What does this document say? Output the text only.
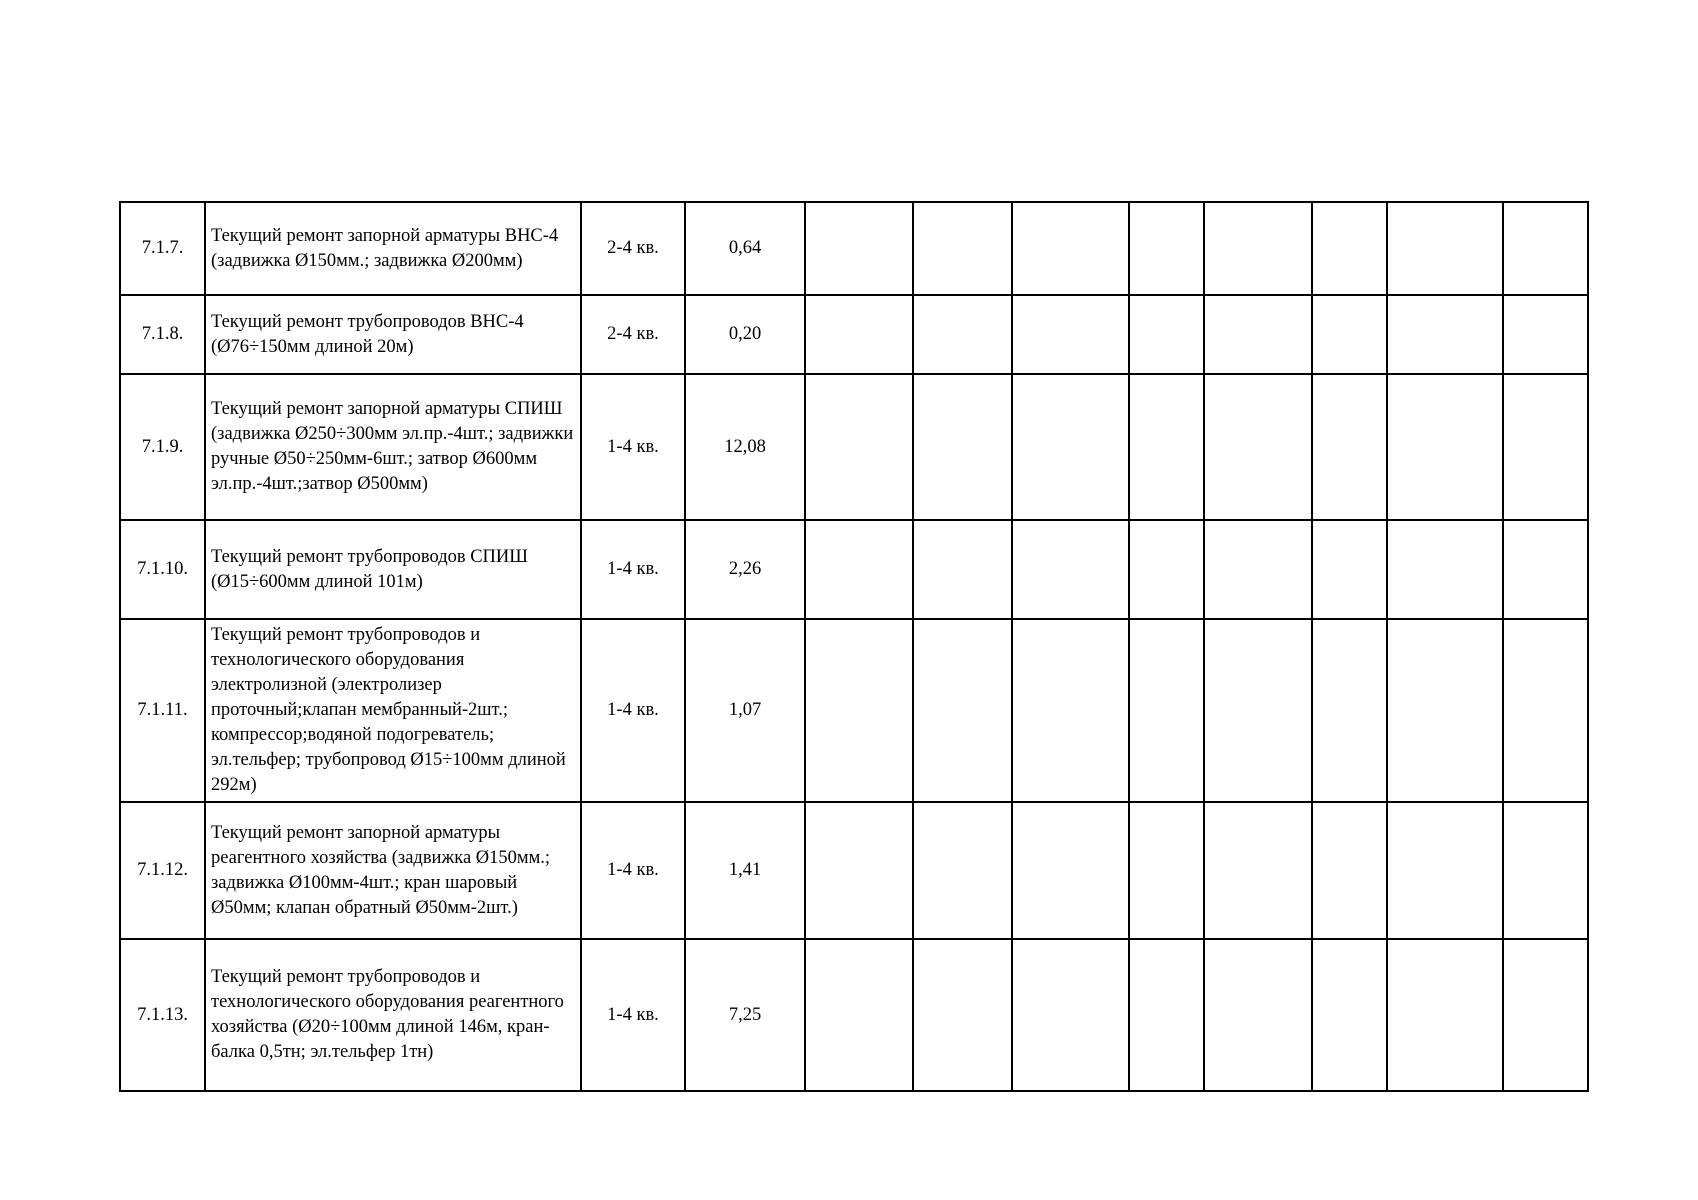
7.1.7.	Текущий ремонт запорной арматуры ВНС-4 (задвижка Ø150мм.; задвижка Ø200мм)	2-4 кв.	0,64								
7.1.8.	Текущий ремонт трубопроводов ВНС-4 (Ø76÷150мм длиной 20м)	2-4 кв.	0,20								
7.1.9.	Текущий ремонт запорной арматуры СПИШ (задвижка Ø250÷300мм эл.пр.-4шт.; задвижки ручные Ø50÷250мм-6шт.; затвор Ø600мм эл.пр.-4шт.;затвор Ø500мм)	1-4 кв.	12,08								
7.1.10.	Текущий ремонт трубопроводов СПИШ (Ø15÷600мм длиной 101м)	1-4 кв.	2,26								
7.1.11.	Текущий ремонт трубопроводов и технологического оборудования электролизной (электролизер проточный;клапан мембранный-2шт.; компрессор;водяной подогреватель; эл.тельфер; трубопровод Ø15÷100мм длиной 292м)	1-4 кв.	1,07								
7.1.12.	Текущий ремонт запорной арматуры реагентного хозяйства (задвижка Ø150мм.; задвижка Ø100мм-4шт.; кран шаровый Ø50мм; клапан обратный Ø50мм-2шт.)	1-4 кв.	1,41								
7.1.13.	Текущий ремонт трубопроводов и технологического оборудования реагентного хозяйства (Ø20÷100мм длиной 146м, кран-балка 0,5тн; эл.тельфер 1тн)	1-4 кв.	7,25								
